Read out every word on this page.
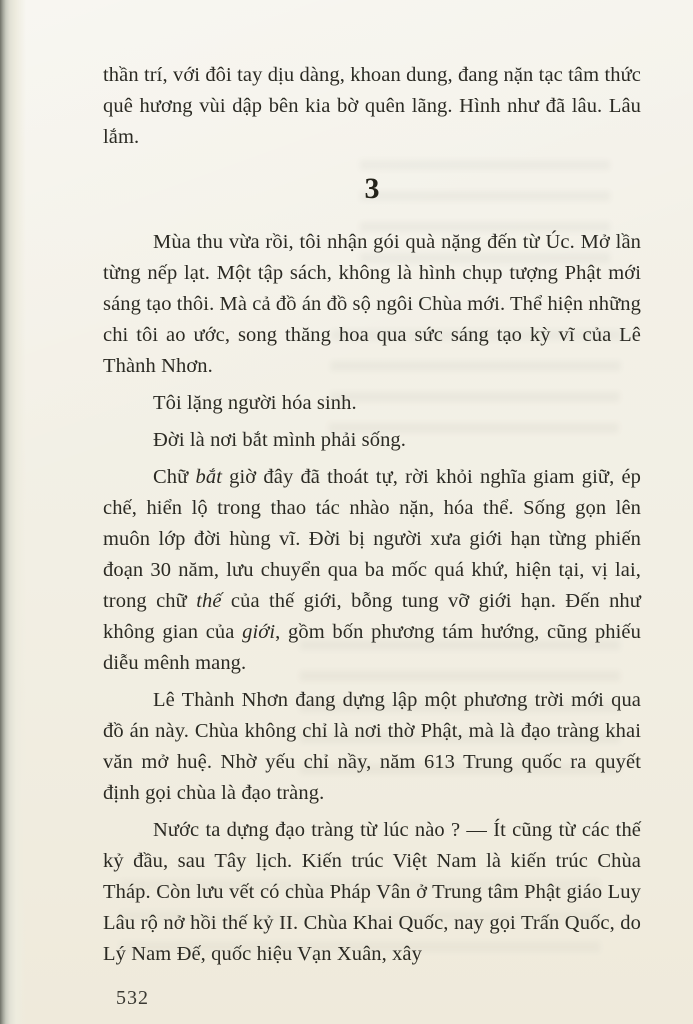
thần trí, với đôi tay dịu dàng, khoan dung, đang nặn tạc tâm thức quê hương vùi dập bên kia bờ quên lãng. Hình như đã lâu. Lâu lắm.

3

Mùa thu vừa rồi, tôi nhận gói quà nặng đến từ Úc. Mở lần từng nếp lạt. Một tập sách, không là hình chụp tượng Phật mới sáng tạo thôi. Mà cả đồ án đồ sộ ngôi Chùa mới. Thể hiện những chi tôi ao ước, song thăng hoa qua sức sáng tạo kỳ vĩ của Lê Thành Nhơn.

Tôi lặng người hóa sinh.

Đời là nơi bắt mình phải sống.

Chữ bắt giờ đây đã thoát tự, rời khỏi nghĩa giam giữ, ép chế, hiển lộ trong thao tác nhào nặn, hóa thể. Sống gọn lên muôn lớp đời hùng vĩ. Đời bị người xưa giới hạn từng phiến đoạn 30 năm, lưu chuyển qua ba mốc quá khứ, hiện tại, vị lai, trong chữ thế của thế giới, bỗng tung vỡ giới hạn. Đến như không gian của giới, gồm bốn phương tám hướng, cũng phiếu diễu mênh mang.

Lê Thành Nhơn đang dựng lập một phương trời mới qua đồ án này. Chùa không chỉ là nơi thờ Phật, mà là đạo tràng khai văn mở huệ. Nhờ yếu chỉ nầy, năm 613 Trung quốc ra quyết định gọi chùa là đạo tràng.

Nước ta dựng đạo tràng từ lúc nào ? — Ít cũng từ các thế kỷ đầu, sau Tây lịch. Kiến trúc Việt Nam là kiến trúc Chùa Tháp. Còn lưu vết có chùa Pháp Vân ở Trung tâm Phật giáo Luy Lâu rộ nở hồi thế kỷ II. Chùa Khai Quốc, nay gọi Trấn Quốc, do Lý Nam Đế, quốc hiệu Vạn Xuân, xây

532
